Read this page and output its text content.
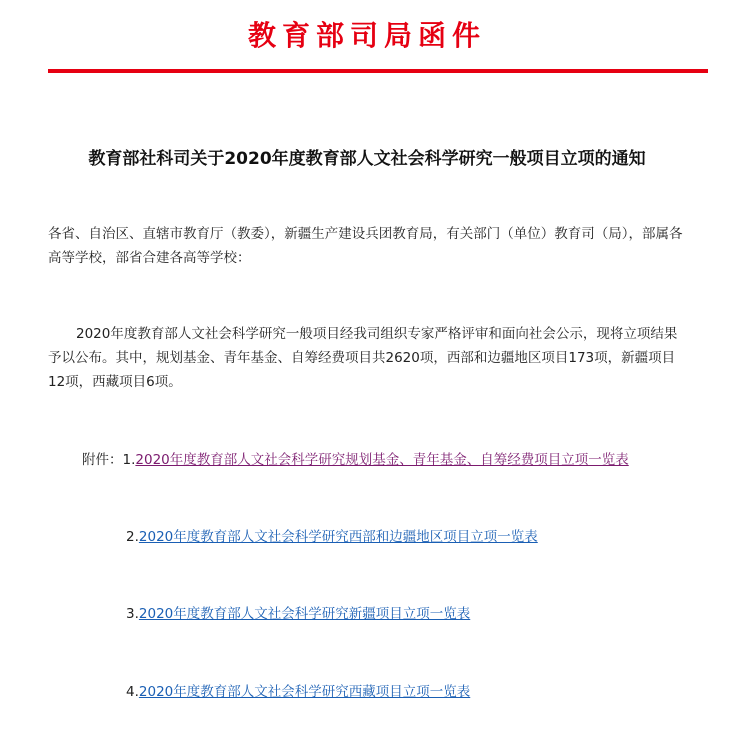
教育部司局函件
教育部社科司关于2020年度教育部人文社会科学研究一般项目立项的通知
各省、自治区、直辖市教育厅（教委），新疆生产建设兵团教育局，有关部门（单位）教育司（局），部属各高等学校，部省合建各高等学校：
2020年度教育部人文社会科学研究一般项目经我司组织专家严格评审和面向社会公示，现将立项结果予以公布。其中，规划基金、青年基金、自筹经费项目共2620项，西部和边疆地区项目173项，新疆项目12项，西藏项目6项。
附件：1.2020年度教育部人文社会科学研究规划基金、青年基金、自筹经费项目立项一览表
2.2020年度教育部人文社会科学研究西部和边疆地区项目立项一览表
3.2020年度教育部人文社会科学研究新疆项目立项一览表
4.2020年度教育部人文社会科学研究西藏项目立项一览表
